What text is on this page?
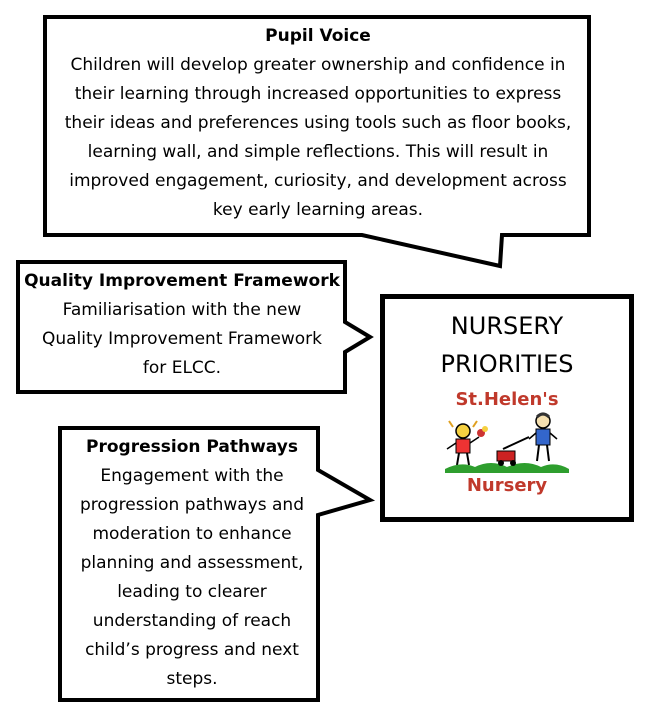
Pupil Voice
Children will develop greater ownership and confidence in
their learning through increased opportunities to express
their ideas and preferences using tools such as floor books,
learning wall, and simple reflections. This will result in
improved engagement, curiosity, and development across
key early learning areas.
Quality Improvement Framework
Familiarisation with the new
Quality Improvement Framework
for ELCC.
Progression Pathways
Engagement with the
progression pathways and
moderation to enhance
planning and assessment,
leading to clearer
understanding of reach
child’s progress and next
steps.
NURSERY
PRIORITIES
St.Helen's
Nursery
